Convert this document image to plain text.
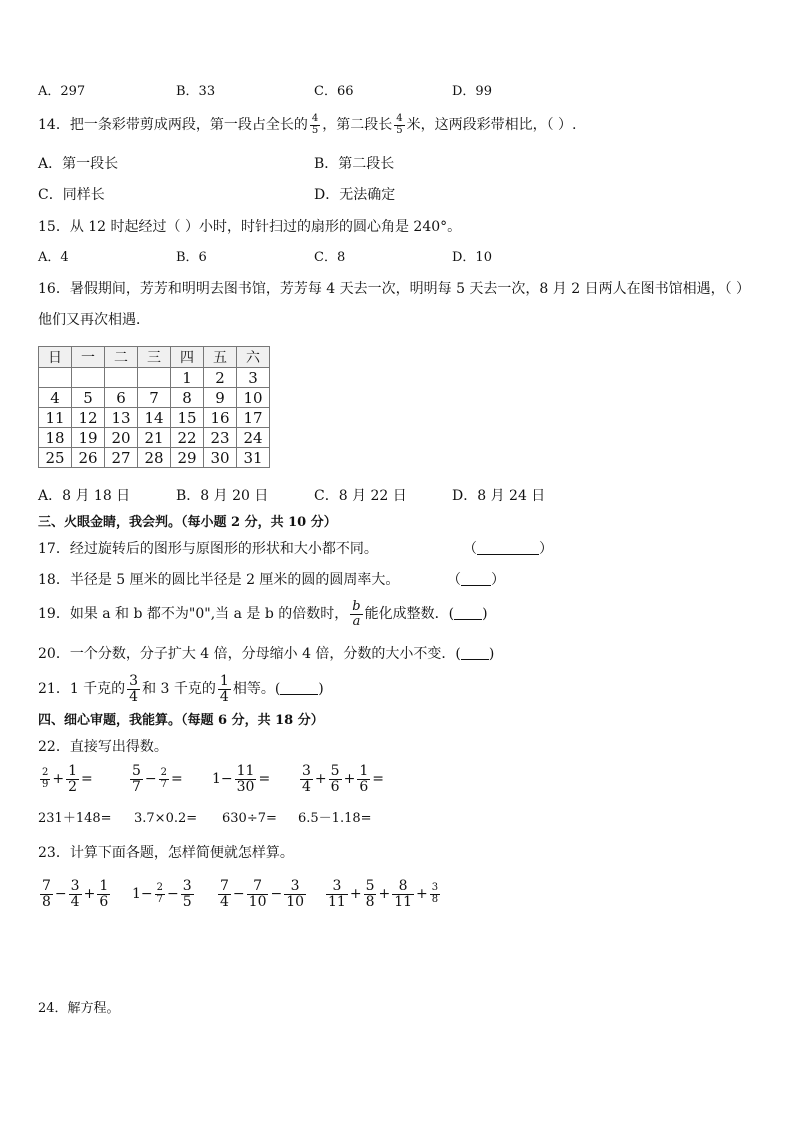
A．297	B．33	C．66	D．99
14．把一条彩带剪成两段，第一段占全长的 $\frac{4}{5}$ ，第二段长 $\frac{4}{5}$ 米，这两段彩带相比，（ ）.
A．第一段长	B．第二段长
C．同样长	D．无法确定
15．从 12 时起经过（ ）小时，时针扫过的扇形的圆心角是 240°。
A．4	B．6	C．8	D．10
16．暑假期间，芳芳和明明去图书馆，芳芳每 4 天去一次，明明每 5 天去一次，8 月 2 日两人在图书馆相遇，（ ）
他们又再次相遇．
日	一	二	三	四	五	六
				1	2	3
4	5	6	7	8	9	10
11	12	13	14	15	16	17
18	19	20	21	22	23	24
25	26	27	28	29	30	31
A．8 月 18 日	B．8 月 20 日	C．8 月 22 日	D．8 月 24 日
三、火眼金睛，我会判。（每小题 2 分，共 10 分）
17．经过旋转后的图形与原图形的形状和大小都不同。	（	）
18．半径是 5 厘米的圆比半径是 2 厘米的圆的圆周率大。	（ ）
19．如果 a 和 b 都不为"0",当 a 是 b 的倍数时， $\frac{b}{a}$ 能化成整数．( )
20．一个分数，分子扩大 4 倍，分母缩小 4 倍，分数的大小不变．( )
21．1 千克的 $\frac{3}{4}$ 和 3 千克的 $\frac{1}{4}$ 相等。(	)
四、细心审题，我能算。（每题 6 分，共 18 分）
22．直接写出得数。
$\frac{2}{9} + \frac{1}{2}$ =	$\frac{5}{7} - \frac{2}{7} = 1- \frac{11}{30} = \frac{3}{4} + \frac{5}{6} + \frac{1}{6}$ =
231＋148= 3.7×0.2= 630÷7= 6.5－1.18=
23．计算下面各题，怎样简便就怎样算。
$\frac{7}{8} - \frac{3}{4} + \frac{1}{6} 1- \frac{2}{7} - \frac{3}{5} \frac{7}{4} - \frac{7}{10} - \frac{3}{10} \frac{3}{11} + \frac{5}{8} + \frac{8}{11} + \frac{3}{8}$
24．解方程。
